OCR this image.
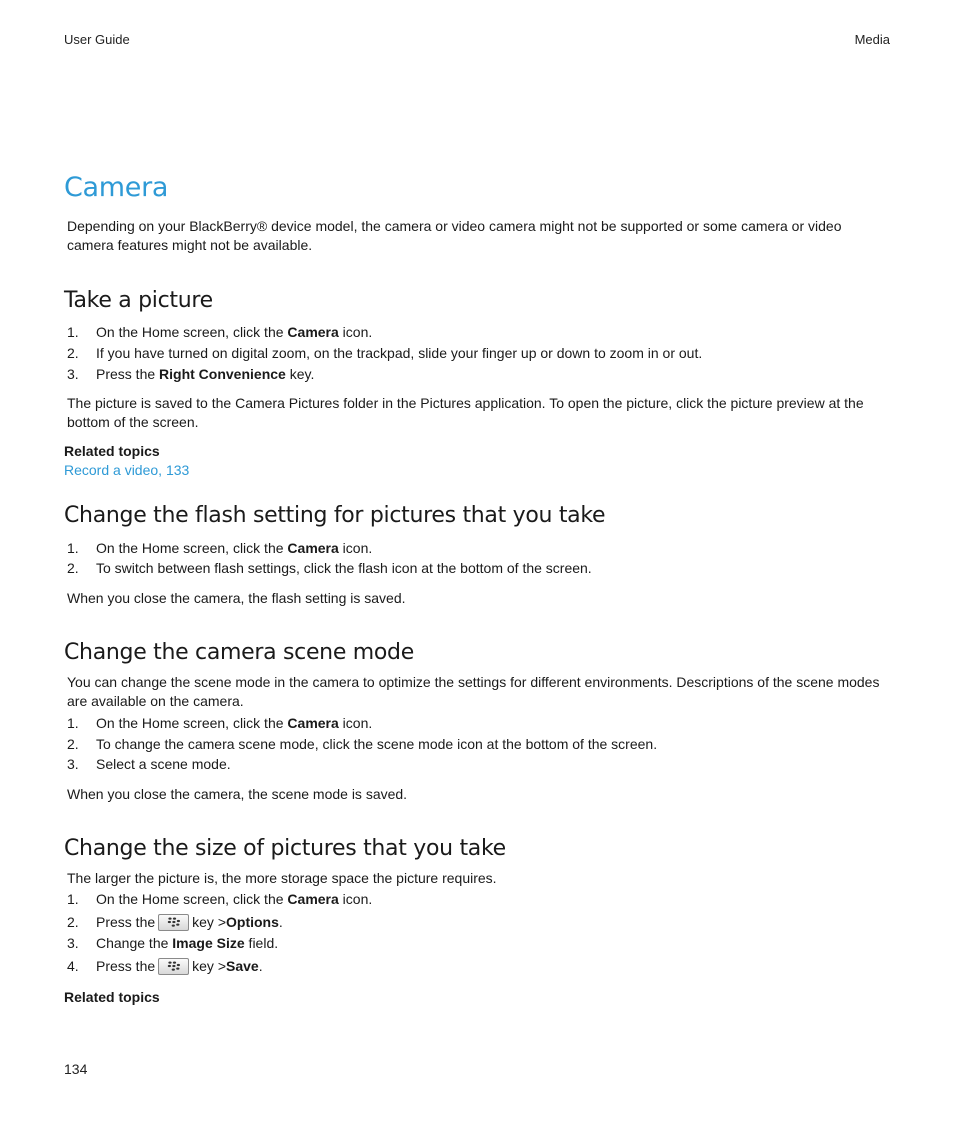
User Guide	Media
Camera

Depending on your BlackBerry® device model, the camera or video camera might not be supported or some camera or video camera features might not be available.

Take a picture
1.	On the Home screen, click the Camera icon.
2.	If you have turned on digital zoom, on the trackpad, slide your finger up or down to zoom in or out.
3.	Press the Right Convenience key.

The picture is saved to the Camera Pictures folder in the Pictures application. To open the picture, click the picture preview at the bottom of the screen.

Related topics

Record a video, 133
Change the flash setting for pictures that you take
1.	On the Home screen, click the Camera icon.
2.	To switch between flash settings, click the flash icon at the bottom of the screen.

When you close the camera, the flash setting is saved.

Change the camera scene mode

You can change the scene mode in the camera to optimize the settings for different environments. Descriptions of the scene modes are available on the camera.

1.	On the Home screen, click the Camera icon.
2.	To change the camera scene mode, click the scene mode icon at the bottom of the screen.
3.	Select a scene mode.

When you close the camera, the scene mode is saved.

Change the size of pictures that you take

The larger the picture is, the more storage space the picture requires.

1.	On the Home screen, click the Camera icon.
2.	Press the	key > Options .
3.	Change the Image Size field.
4.	Press the	key > Save .

Related topics

134
